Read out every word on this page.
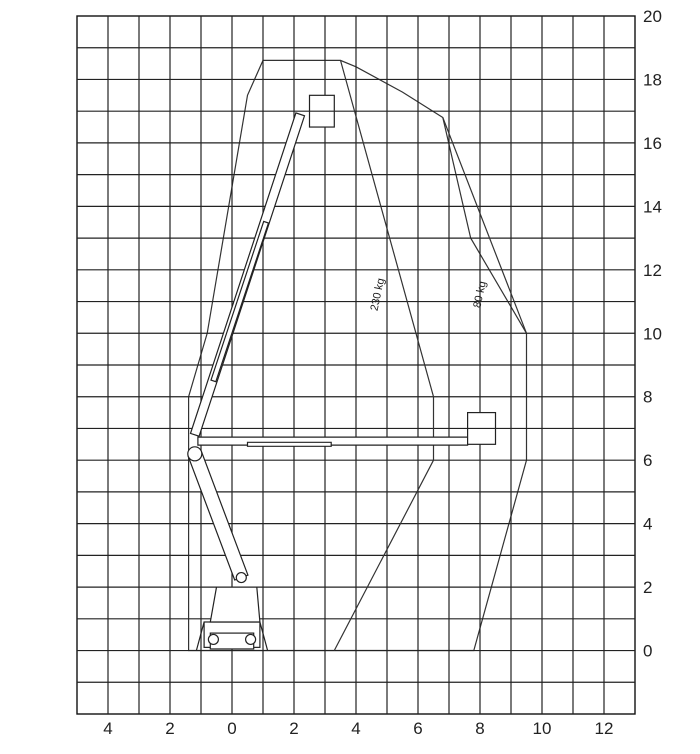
4	2	0	2	4	6	8	10	12
0
2
4
6
8
10
12
14
16
18
20
230 kg	80 kg
